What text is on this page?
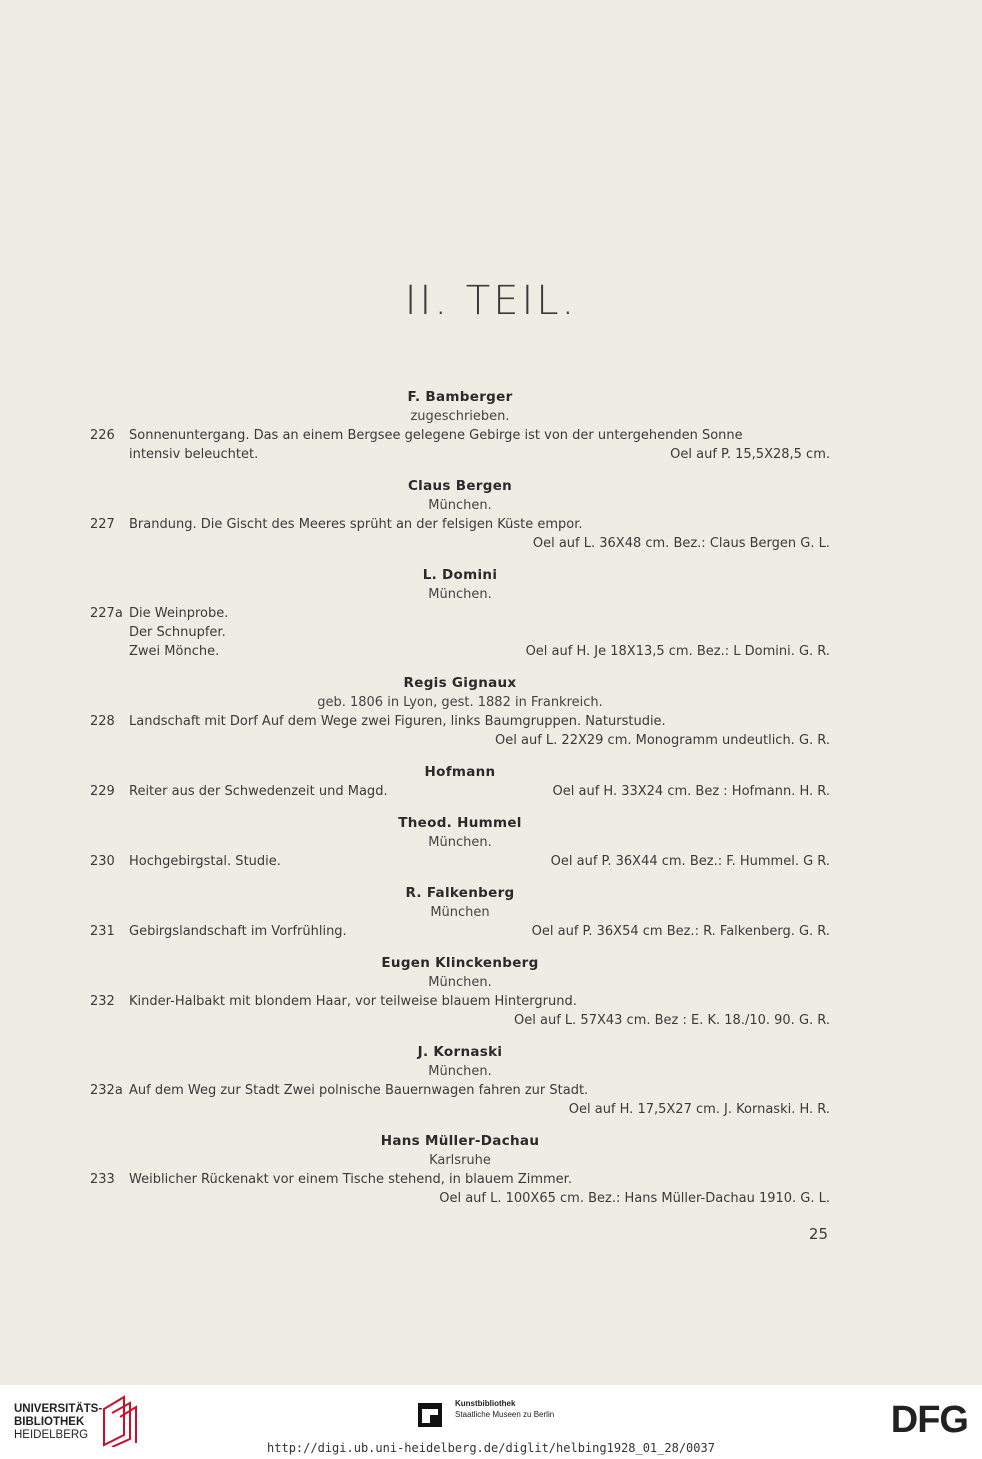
II. TEIL.
F. Bamberger
zugeschrieben.
226	Sonnenuntergang. Das an einem Bergsee gelegene Gebirge ist von der untergehenden Sonne
intensiv beleuchtet.	Oel auf P. 15,5X28,5 cm.
Claus Bergen
München.
227	Brandung. Die Gischt des Meeres sprüht an der felsigen Küste empor.
Oel auf L. 36X48 cm. Bez.: Claus Bergen G. L.
L. Domini
München.
227a Die Weinprobe.
Der Schnupfer.
Zwei Mönche.	Oel auf H. Je 18X13,5 cm. Bez.: L Domini. G. R.
Regis Gignaux
geb. 1806 in Lyon, gest. 1882 in Frankreich.
228	Landschaft mit Dorf Auf dem Wege zwei Figuren, links Baumgruppen. Naturstudie.
Oel auf L. 22X29 cm. Monogramm undeutlich. G. R.
Hofmann
229	Reiter aus der Schwedenzeit und Magd.	Oel auf H. 33X24 cm. Bez : Hofmann. H. R.
Theod. Hummel
München.
230	Hochgebirgstal. Studie.	Oel auf P. 36X44 cm. Bez.: F. Hummel. G R.
R. Falkenberg
München
231	Gebirgslandschaft im Vorfrühling.	Oel auf P. 36X54 cm Bez.: R. Falkenberg. G. R.
Eugen Klinckenberg
München.
232	Kinder-Halbakt mit blondem Haar, vor teilweise blauem Hintergrund.
Oel auf L. 57X43 cm. Bez : E. K. 18./10. 90. G. R.
J. Kornaski
München.
232a Auf dem Weg zur Stadt Zwei polnische Bauernwagen fahren zur Stadt.
Oel auf H. 17,5X27 cm. J. Kornaski. H. R.
Hans Müller-Dachau
Karlsruhe
233	Weiblicher Rückenakt vor einem Tische stehend, in blauem Zimmer.
Oel auf L. 100X65 cm. Bez.: Hans Müller-Dachau 1910. G. L.
25
UNIVERSITÄTS-
BIBLIOTHEK
HEIDELBERG
Kunstbibliothek
Staatliche Museen zu Berlin	DFG
http://digi.ub.uni-heidelberg.de/diglit/helbing1928_01_28/0037
